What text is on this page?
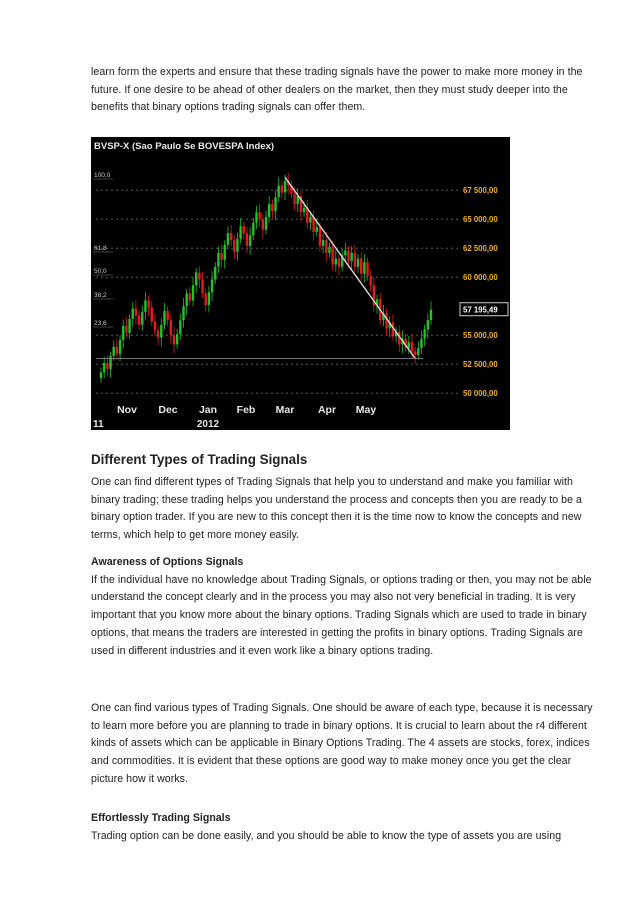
learn form the experts and ensure that these trading signals have the power to make more money in the future. If one desire to be ahead of other dealers on the market, then they must study deeper into the benefits that binary options trading signals can offer them.

BVSP-X (Sao Paulo Se BOVESPA Index)
100,0
61,8
50,0
38,2
23,6
67 500,00
65 000,00
62 500,00
60 000,00
57 195,49
55 000,00
52 500,00
50 000,00
Nov Dec Jan Feb Mar Apr May
11	2012
Different Types of Trading Signals

One can find different types of Trading Signals that help you to understand and make you familiar with binary trading; these trading helps you understand the process and concepts then you are ready to be a binary option trader. If you are new to this concept then it is the time now to know the concepts and new terms, which help to get more money easily.

Awareness of Options Signals

If the individual have no knowledge about Trading Signals, or options trading or then, you may not be able understand the concept clearly and in the process you may also not very beneficial in trading. It is very important that you know more about the binary options. Trading Signals which are used to trade in binary options, that means the traders are interested in getting the profits in binary options. Trading Signals are used in different industries and it even work like a binary options trading.

One can find various types of Trading Signals. One should be aware of each type, because it is necessary to learn more before you are planning to trade in binary options. It is crucial to learn about the r4 different kinds of assets which can be applicable in Binary Options Trading. The 4 assets are stocks, forex, indices and commodities. It is evident that these options are good way to make money once you get the clear picture how it works.

Effortlessly Trading Signals

Trading option can be done easily, and you should be able to know the type of assets you are using
